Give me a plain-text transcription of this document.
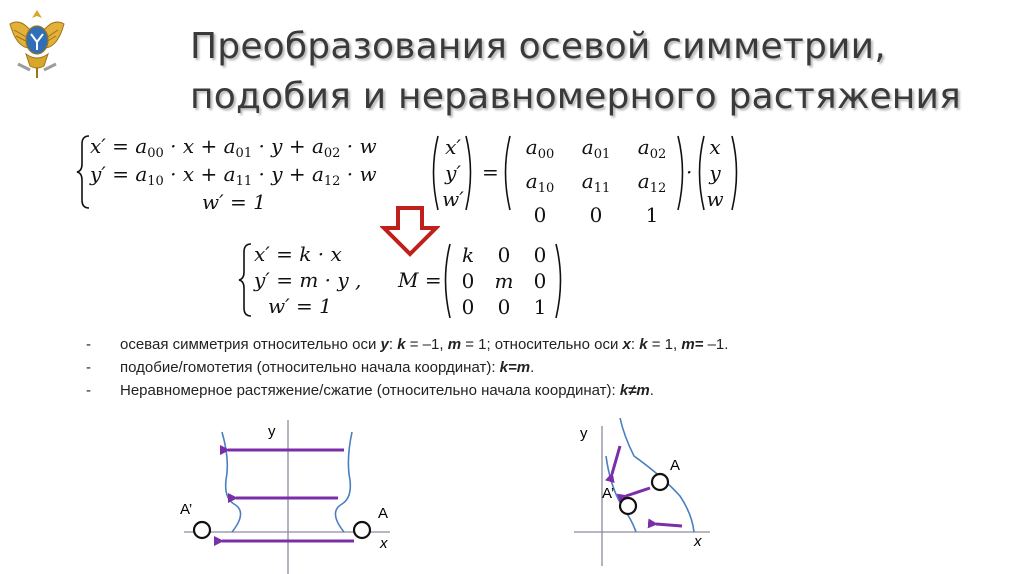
Преобразования осевой симметрии,
подобия и неравномерного растяжения
$x' = a_{00} \cdot x + a_{01} \cdot y + a_{02} \cdot w$
$y' = a_{10} \cdot x + a_{11} \cdot y + a_{12} \cdot w$
w′ = 1
x′
y′
w′
=
$a_{00}$	$a_{01}$	$a_{02}$
$a_{10}$	$a_{11}$	$a_{12}$
0	0	1
·
x
y
w
x′ = k · x
y′ = m · y ,
w′ = 1
M =
k	0	0
0	m	0
0	0	1
- осевая симметрия относительно оси y: k = –1, m = 1; относительно оси x: k = 1, m= –1.
- подобие/гомотетия (относительно начала координат): k=m.
- Неравномерное растяжение/сжатие (относительно начала координат): k≠m.
y
x
A
A’
y
x
A
A’
